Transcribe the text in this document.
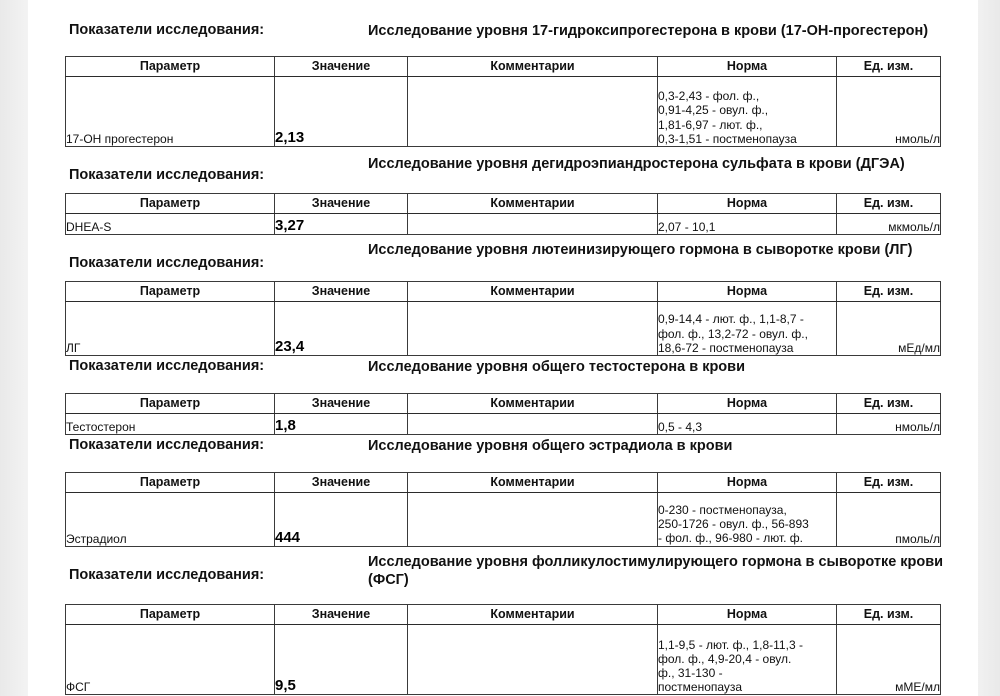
Показатели исследования:	Исследование уровня 17-гидроксипрогестерона в крови (17-ОН-прогестерон)
Параметр	Значение	Комментарии	Норма	Ед. изм.
17-ОН прогестерон	2,13		0,3-2,43 - фол. ф.,
0,91-4,25 - овул. ф.,
1,81-6,97 - лют. ф.,
0,3-1,51 - постменопауза	нмоль/л
Показатели исследования:
Исследование уровня дегидроэпиандростерона сульфата в крови (ДГЭА)
Параметр	Значение	Комментарии	Норма	Ед. изм.
DHEA-S	3,27		2,07 - 10,1	мкмоль/л
Показатели исследования:
Исследование уровня лютеинизирующего гормона в сыворотке крови (ЛГ)
Параметр	Значение	Комментарии	Норма	Ед. изм.
ЛГ	23,4		0,9-14,4 - лют. ф., 1,1-8,7 -
фол. ф., 13,2-72 - овул. ф.,
18,6-72 - постменопауза	мЕд/мл
Показатели исследования:	Исследование уровня общего тестостерона в крови
Параметр	Значение	Комментарии	Норма	Ед. изм.
Тестостерон	1,8		0,5 - 4,3	нмоль/л
Показатели исследования:	Исследование уровня общего эстрадиола в крови
Параметр	Значение	Комментарии	Норма	Ед. изм.
Эстрадиол	444		0-230 - постменопауза,
250-1726 - овул. ф., 56-893
- фол. ф., 96-980 - лют. ф.	пмоль/л
Показатели исследования:
Исследование уровня фолликулостимулирующего гормона в сыворотке крови (ФСГ)
Параметр	Значение	Комментарии	Норма	Ед. изм.
ФСГ	9,5		1,1-9,5 - лют. ф., 1,8-11,3 -
фол. ф., 4,9-20,4 - овул.
ф., 31-130 -
постменопауза	мМЕ/мл
